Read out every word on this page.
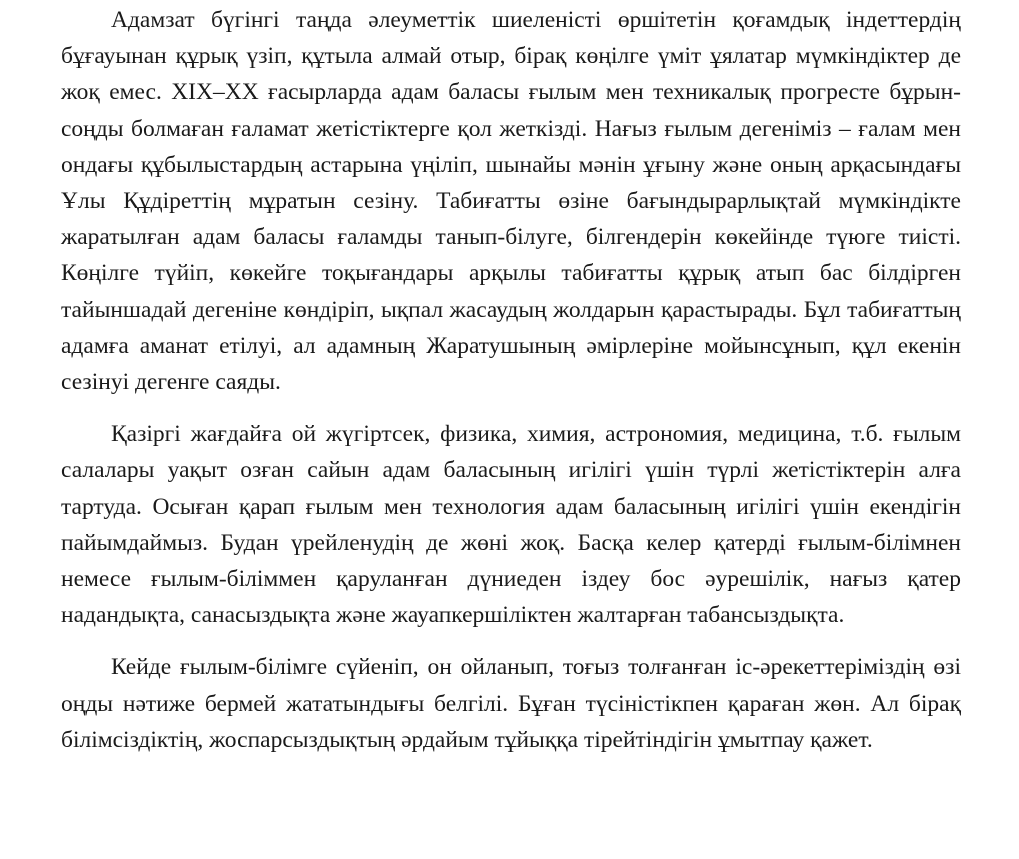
Адамзат бүгінгі таңда әлеуметтік шиеленісті өршітетін қоғамдық індеттердің бұғауынан құрық үзіп, құтыла алмай отыр, бірақ көңілге үміт ұялатар мүмкіндіктер де жоқ емес. XIX–XX ғасырларда адам баласы ғылым мен техникалық прогресте бұрын-соңды болмаған ғаламат жетістіктерге қол жеткізді. Нағыз ғылым дегеніміз – ғалам мен ондағы құбылыстардың астарына үңіліп, шынайы мәнін ұғыну және оның арқасындағы Ұлы Құдіреттің мұратын сезіну. Табиғатты өзіне бағындырарлықтай мүмкіндікте жаратылған адам баласы ғаламды танып-білуге, білгендерін көкейінде түюге тиісті. Көңілге түйіп, көкейге тоқығандары арқылы табиғатты құрық атып бас білдірген тайыншадай дегеніне көндіріп, ықпал жасаудың жолдарын қарастырады. Бұл табиғаттың адамға аманат етілуі, ал адамның Жаратушының әмірлеріне мойынсұнып, құл екенін сезінуі дегенге саяды.

Қазіргі жағдайға ой жүгіртсек, физика, химия, астрономия, медицина, т.б. ғылым салалары уақыт озған сайын адам баласының игілігі үшін түрлі жетістіктерін алға тартуда. Осыған қарап ғылым мен технология адам баласының игілігі үшін екендігін пайымдаймыз. Будан үрейленудің де жөні жоқ. Басқа келер қатерді ғылым-білімнен немесе ғылым-біліммен қаруланған дүниеден іздеу бос әурешілік, нағыз қатер надандықта, санасыздықта және жауапкершіліктен жалтарған табансыздықта.

Кейде ғылым-білімге сүйеніп, он ойланып, тоғыз толғанған іс-әрекеттеріміздің өзі оңды нәтиже бермей жататындығы белгілі. Бұған түсіністікпен қараған жөн. Ал бірақ білімсіздіктің, жоспарсыздықтың әрдайым тұйыққа тірейтіндігін ұмытпау қажет.
